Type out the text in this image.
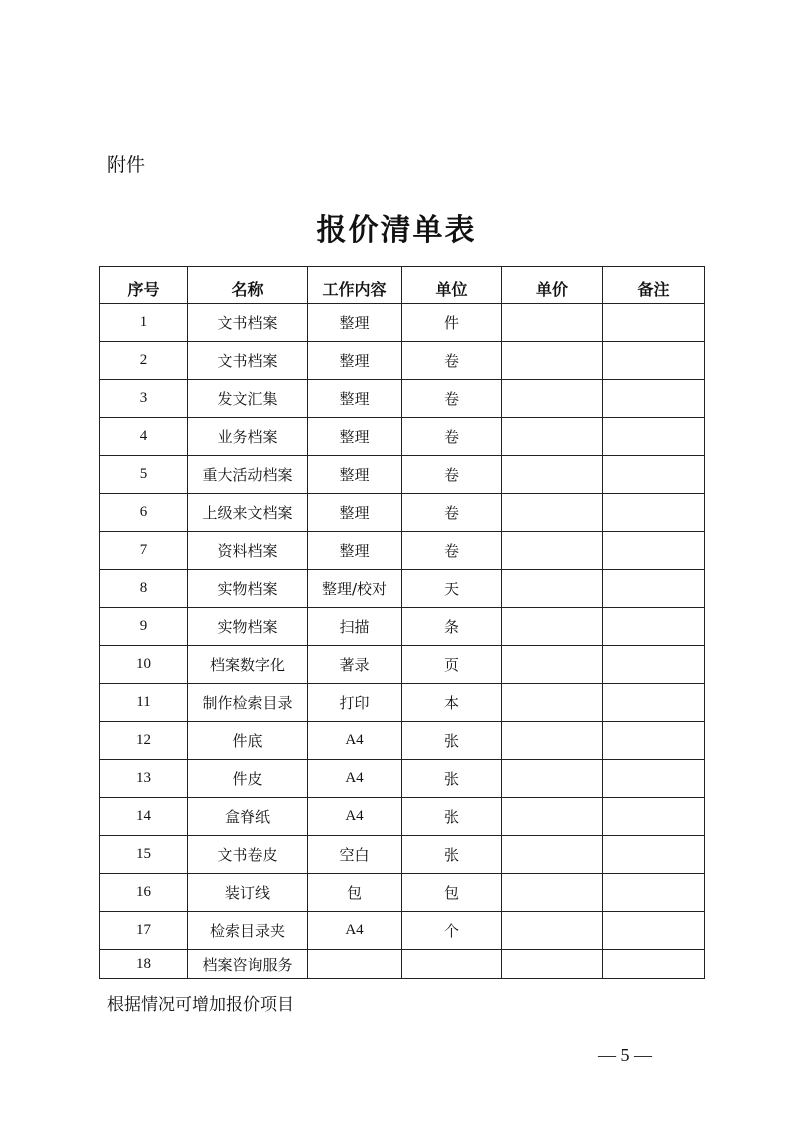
附件
报价清单表
序号	名称	工作内容	单位	单价	备注
1	文书档案	整理	件		
2	文书档案	整理	卷		
3	发文汇集	整理	卷		
4	业务档案	整理	卷		
5	重大活动档案	整理	卷		
6	上级来文档案	整理	卷		
7	资料档案	整理	卷		
8	实物档案	整理/校对	天		
9	实物档案	扫描	条		
10	档案数字化	著录	页		
11	制作检索目录	打印	本		
12	件底	A4	张		
13	件皮	A4	张		
14	盒脊纸	A4	张		
15	文书卷皮	空白	张		
16	装订线	包	包		
17	检索目录夹	A4	个		
18	档案咨询服务				
根据情况可增加报价项目
— 5 —
